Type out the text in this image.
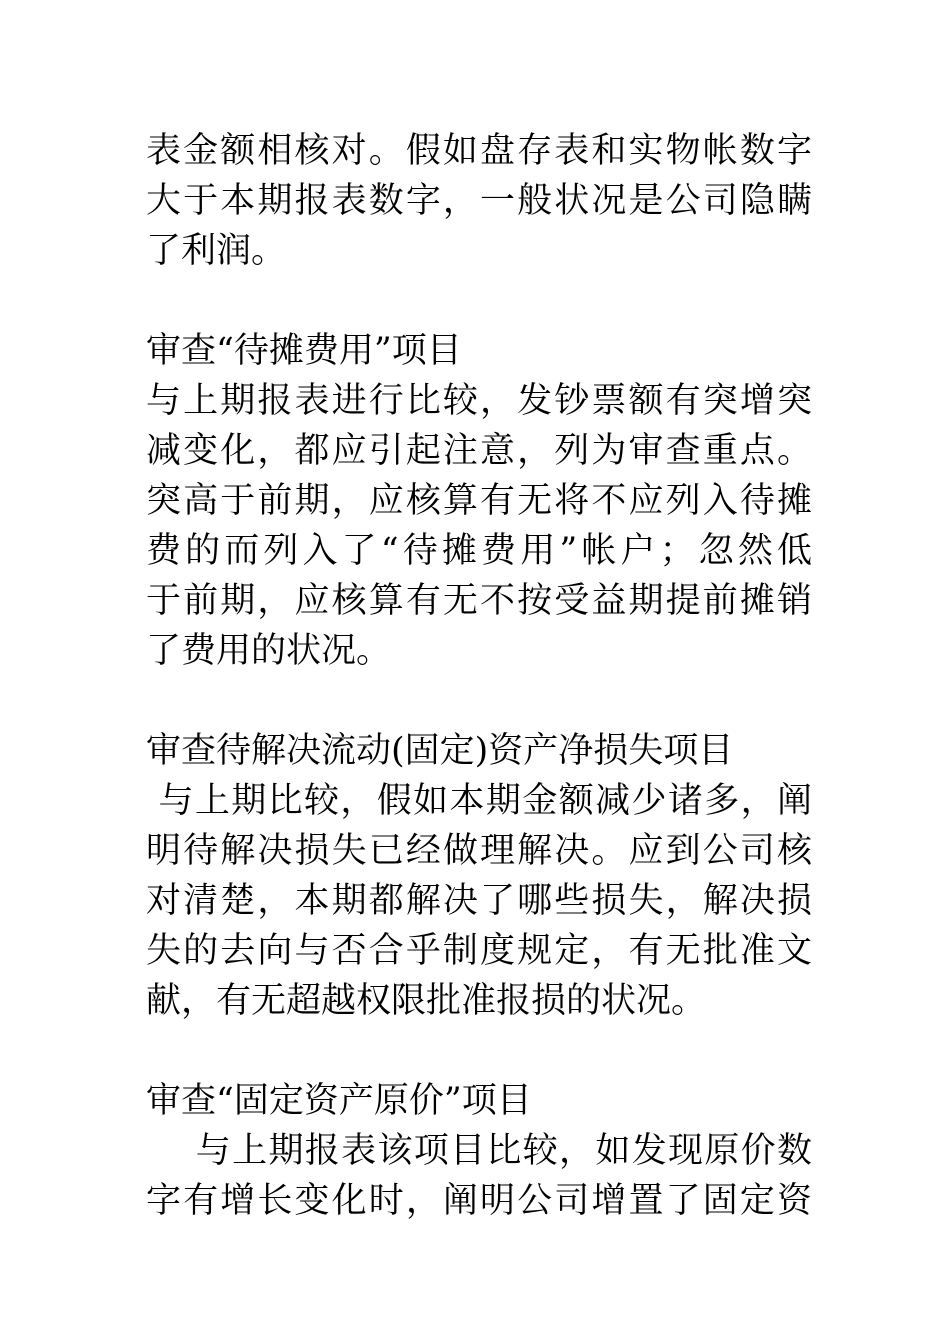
表金额相核对。假如盘存表和实物帐数字
大于本期报表数字，一般状况是公司隐瞒
了利润。
审查“待摊费用”项目
与上期报表进行比较，发钞票额有突增突
减变化，都应引起注意，列为审查重点。
突高于前期，应核算有无将不应列入待摊
费的而列入了“待摊费用”帐户；忽然低
于前期，应核算有无不按受益期提前摊销
了费用的状况。
审查待解决流动(固定)资产净损失项目
与上期比较，假如本期金额减少诸多，阐
明待解决损失已经做理解决。应到公司核
对清楚，本期都解决了哪些损失，解决损
失的去向与否合乎制度规定，有无批准文
献，有无超越权限批准报损的状况。
审查“固定资产原价”项目
与上期报表该项目比较，如发现原价数
字有增长变化时，阐明公司增置了固定资
